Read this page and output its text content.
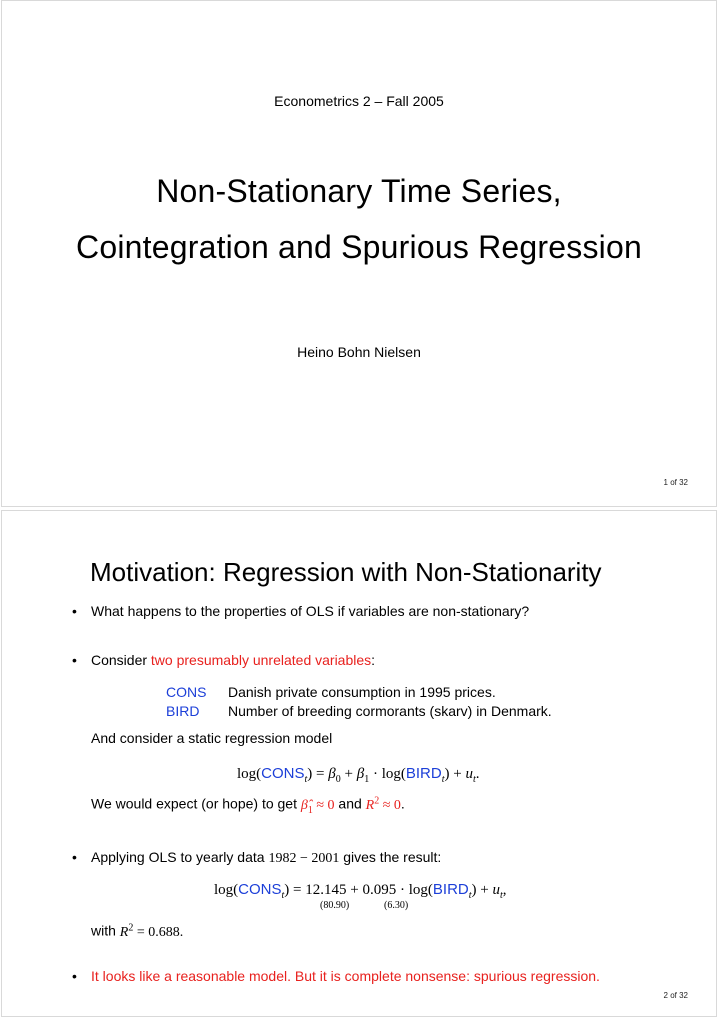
Econometrics 2 – Fall 2005
Non-Stationary Time Series,
Cointegration and Spurious Regression
Heino Bohn Nielsen
1 of 32
Motivation: Regression with Non-Stationarity
•	What happens to the properties of OLS if variables are non-stationary?
•	Consider two presumably unrelated variables:
CONS Danish private consumption in 1995 prices.
BIRD Number of breeding cormorants (skarv) in Denmark.
And consider a static regression model
$\log(CONS_t) = \beta_0 + \beta_1$ · $\log(BIRD_t) + u_t$.
We would expect (or hope) to get $\betâ_1 \approx 0$ and $R^2 \approx 0$.
•	Applying OLS to yearly data 1982 − 2001 gives the result:
$\log(CONS_t) = 12.145 + 0.095$ · $\log(BIRD_t) + u_t$,
(80.90)	(6.30)
with $R^2 = 0.688$.
•	It looks like a reasonable model. But it is complete nonsense: spurious regression.
2 of 32
